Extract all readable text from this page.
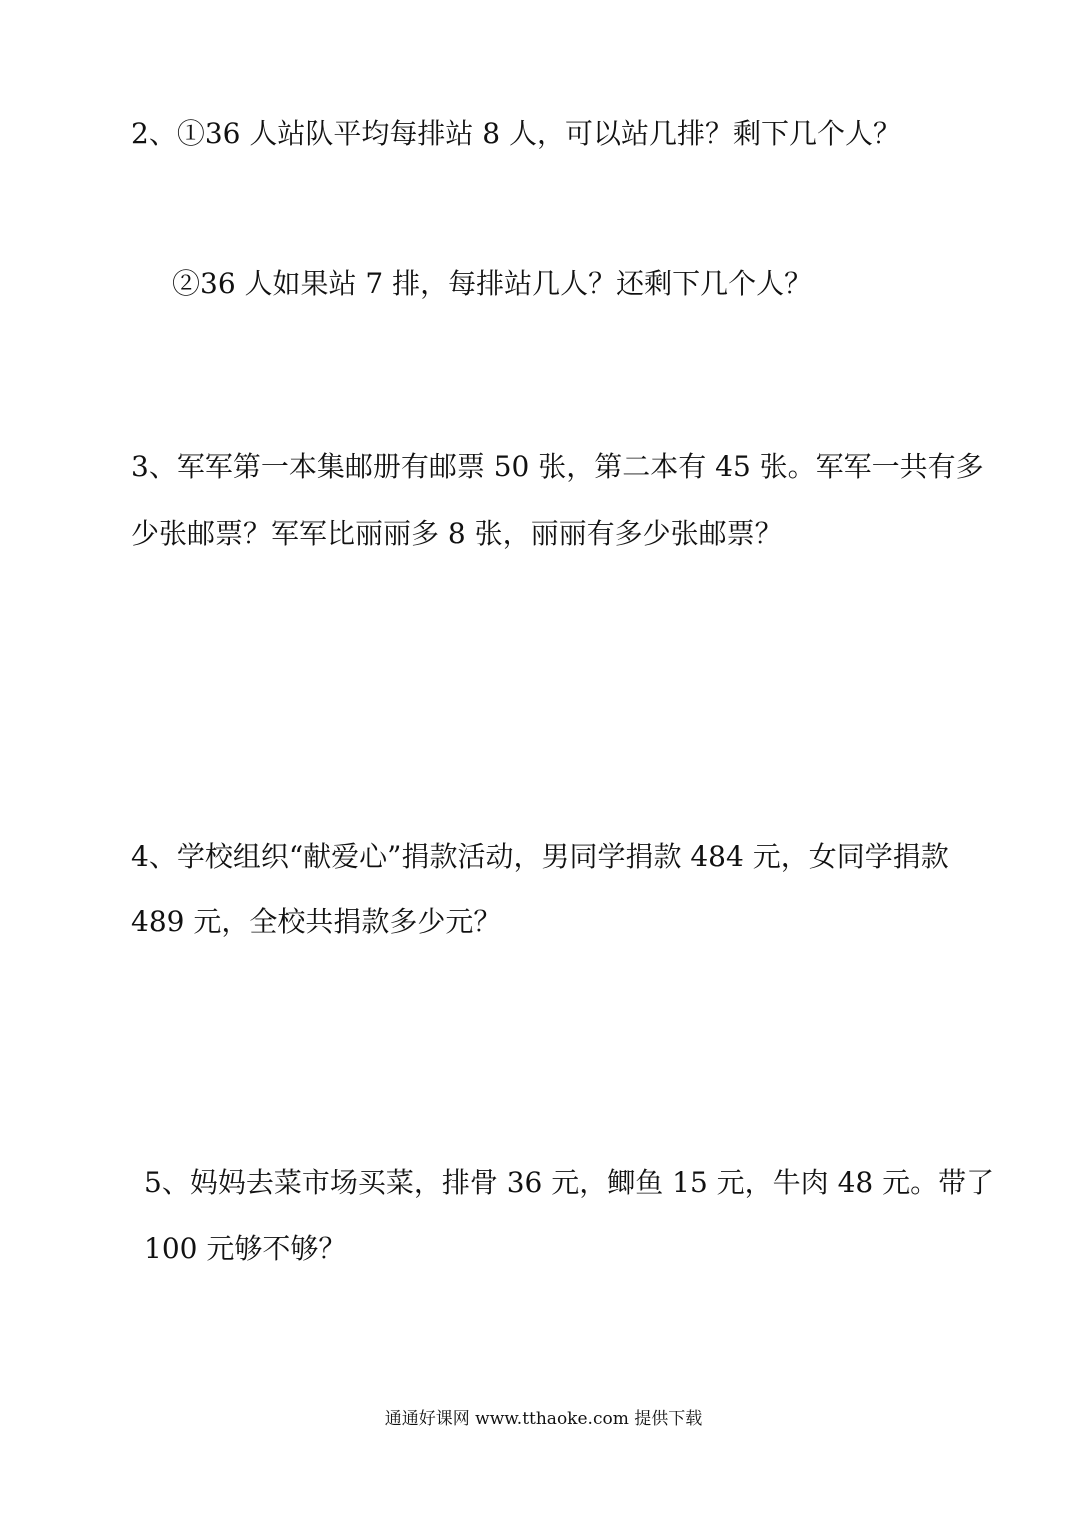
2、①36 人站队平均每排站 8 人，可以站几排？剩下几个人？
②36 人如果站 7 排，每排站几人？还剩下几个人？
3、军军第一本集邮册有邮票 50 张，第二本有 45 张。军军一共有多
少张邮票？军军比丽丽多 8 张，丽丽有多少张邮票？
4、学校组织“献爱心”捐款活动，男同学捐款 484 元，女同学捐款
489 元，全校共捐款多少元？
5、妈妈去菜市场买菜，排骨 36 元，鲫鱼 15 元，牛肉 48 元。带了
100 元够不够？
通通好课网 www.tthaoke.com 提供下载
